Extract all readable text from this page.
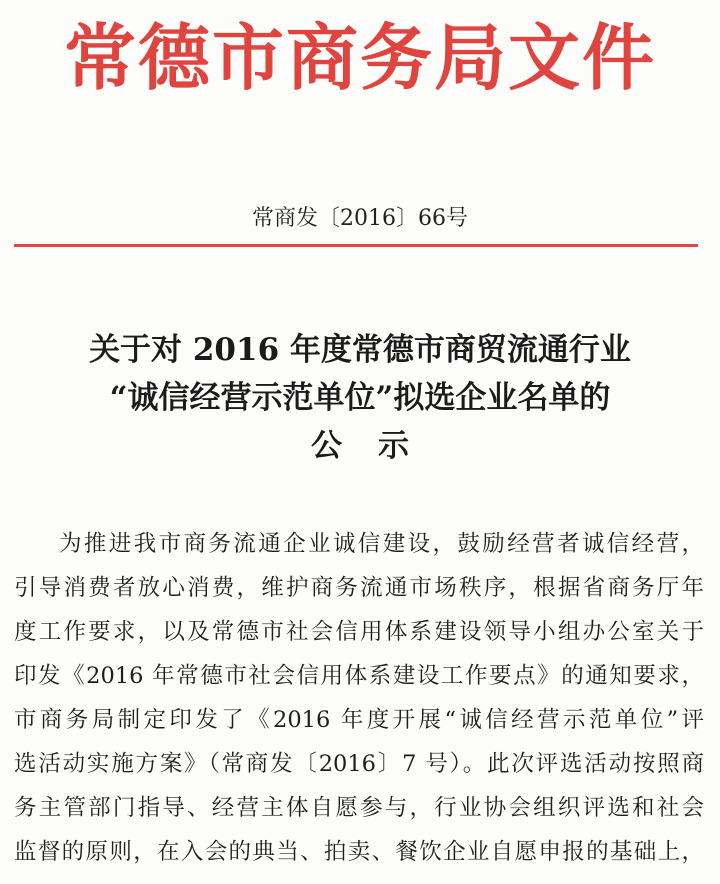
常德市商务局文件
常商发〔2016〕66号
关于对 2016 年度常德市商贸流通行业
“诚信经营示范单位”拟选企业名单的
公示
为推进我市商务流通企业诚信建设，鼓励经营者诚信经营，
引导消费者放心消费，维护商务流通市场秩序，根据省商务厅年
度工作要求，以及常德市社会信用体系建设领导小组办公室关于
印发《2016 年常德市社会信用体系建设工作要点》的通知要求，
市商务局制定印发了《2016 年度开展“诚信经营示范单位”评
选活动实施方案》（常商发〔2016〕7 号）。此次评选活动按照商
务主管部门指导、经营主体自愿参与，行业协会组织评选和社会
监督的原则，在入会的典当、拍卖、餐饮企业自愿申报的基础上，
